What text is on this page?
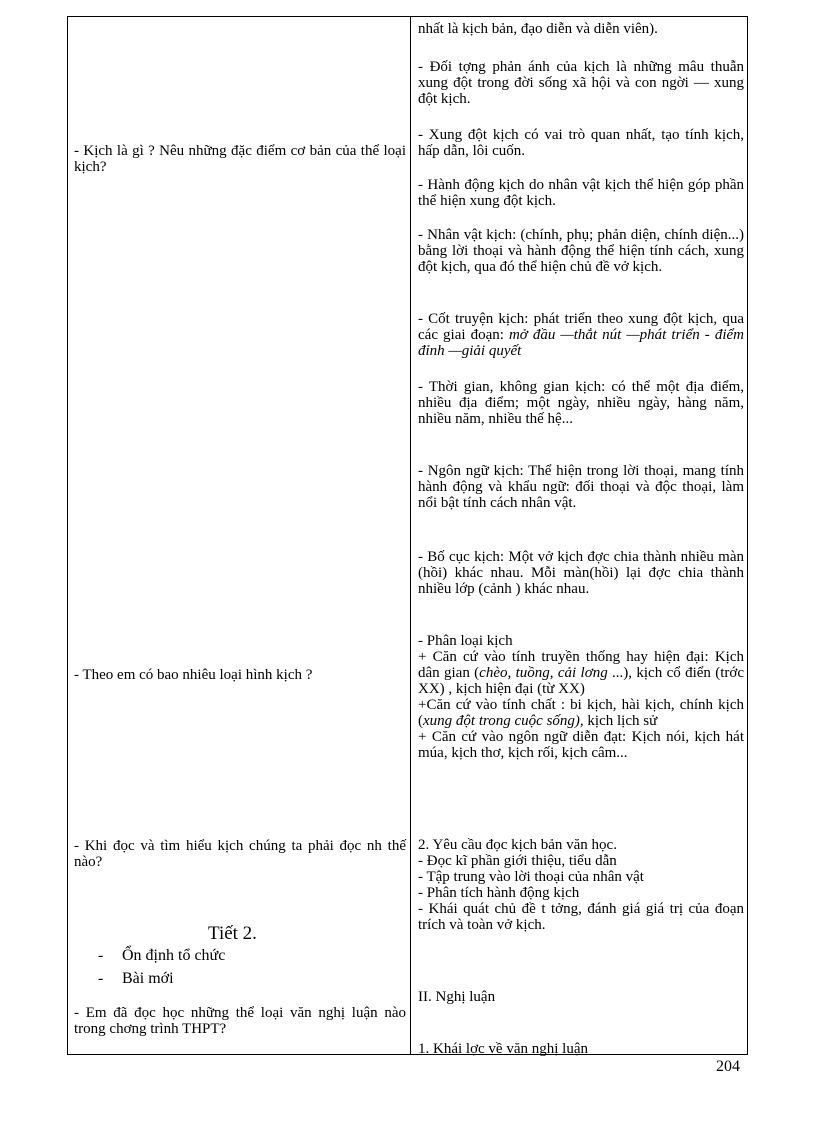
- Kịch là gì ? Nêu những đặc điểm cơ bản của thể loại kịch?
- Theo em có bao nhiêu loại hình kịch ?
- Khi đọc và tìm hiểu kịch chúng ta phải đọc nh thế nào?
Tiết 2.
- Ổn định tổ chức
- Bài mới
- Em đã đọc học những thể loại văn nghị luận nào trong chơng trình THPT?
nhất là kịch bản, đạo diễn và diễn viên).
- Đối tợng phản ánh của kịch là những mâu thuẫn xung đột trong đời sống xã hội và con ngời — xung đột kịch.
- Xung đột kịch có vai trò quan nhất, tạo tính kịch, hấp dẫn, lôi cuốn.
- Hành động kịch do nhân vật kịch thể hiện góp phần thể hiện xung đột kịch.
- Nhân vật kịch: (chính, phụ; phản diện, chính diện...) bằng lời thoại và hành động thể hiện tính cách, xung đột kịch, qua đó thể hiện chủ đề vở kịch.
- Cốt truyện kịch: phát triển theo xung đột kịch, qua các giai đoạn: mở đầu —thắt nút —phát triển - điểm đỉnh —giải quyết
- Thời gian, không gian kịch: có thể một địa điểm, nhiều địa điểm; một ngày, nhiều ngày, hàng năm, nhiều năm, nhiều thế hệ...
- Ngôn ngữ kịch: Thể hiện trong lời thoại, mang tính hành động và khẩu ngữ: đối thoại và độc thoại, làm nổi bật tính cách nhân vật.
- Bố cục kịch: Một vở kịch đợc chia thành nhiều màn (hồi) khác nhau. Mỗi màn(hồi) lại đợc chia thành nhiều lớp (cảnh ) khác nhau.
- Phân loại kịch
+ Căn cứ vào tính truyền thống hay hiện đại: Kịch dân gian (chèo, tuồng, cải lơng ...), kịch cổ điển (trớc XX) , kịch hiện đại (từ XX)
+Căn cứ vào tính chất : bi kịch, hài kịch, chính kịch (xung đột trong cuộc sống), kịch lịch sử
+ Căn cứ vào ngôn ngữ diễn đạt: Kịch nói, kịch hát múa, kịch thơ, kịch rối, kịch câm...
2. Yêu cầu đọc kịch bản văn học.
- Đọc kĩ phần giới thiệu, tiểu dẫn
- Tập trung vào lời thoại của nhân vật
- Phân tích hành động kịch
- Khái quát chủ đề t tởng, đánh giá giá trị của đoạn trích và toàn vở kịch.
II. Nghị luận
1. Khái lợc về văn nghị luận
204
